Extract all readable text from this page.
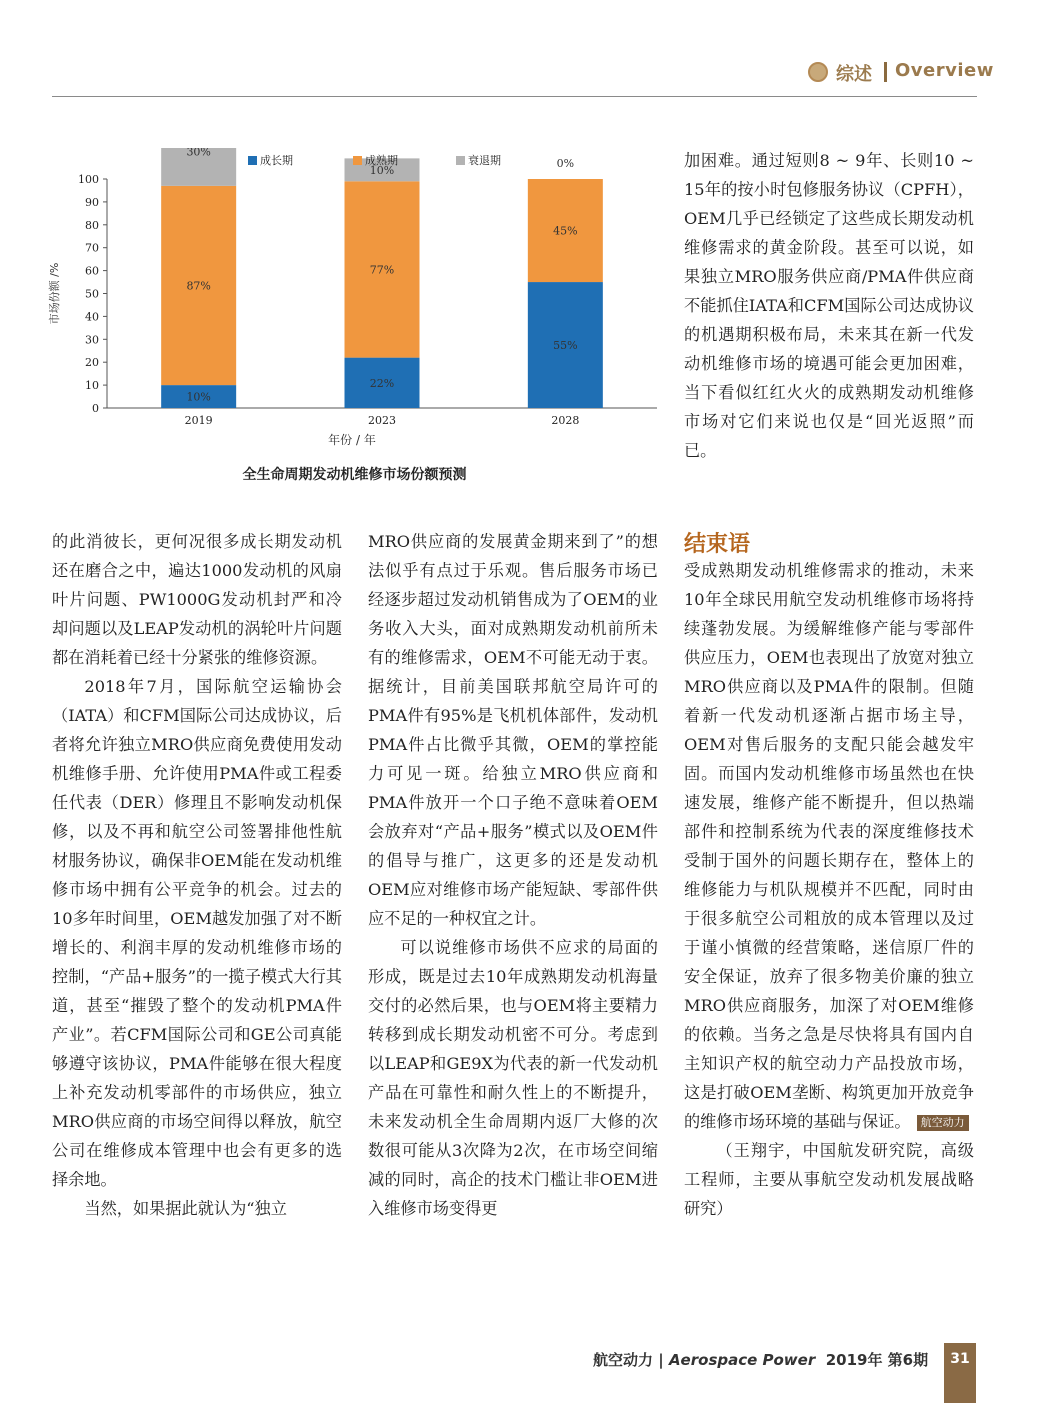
综述 Overview
0
10
20
30
40
50
60
70
80
90
100
10%
87%
30%
2019
22%
77%
10%
2023
55%
45%
0%
2028
年份 / 年
市场份额 /%
成长期	成熟期	衰退期
全生命周期发动机维修市场份额预测

加困难。通过短则8 ~ 9年、长则10 ~ 15年的按小时包修服务协议（CPFH），OEM几乎已经锁定了这些成长期发动机维修需求的黄金阶段。甚至可以说，如果独立MRO服务供应商/PMA件供应商不能抓住IATA和CFM国际公司达成协议的机遇期积极布局，未来其在新一代发动机维修市场的境遇可能会更加困难，当下看似红红火火的成熟期发动机维修市场对它们来说也仅是“回光返照”而已。

的此消彼长，更何况很多成长期发动机还在磨合之中，遍达1000发动机的风扇叶片问题、PW1000G发动机封严和冷却问题以及LEAP发动机的涡轮叶片问题都在消耗着已经十分紧张的维修资源。

2018年7月，国际航空运输协会（IATA）和CFM国际公司达成协议，后者将允许独立MRO供应商免费使用发动机维修手册、允许使用PMA件或工程委任代表（DER）修理且不影响发动机保修，以及不再和航空公司签署排他性航材服务协议，确保非OEM能在发动机维修市场中拥有公平竞争的机会。过去的10多年时间里，OEM越发加强了对不断增长的、利润丰厚的发动机维修市场的控制，“产品+服务”的一揽子模式大行其道，甚至“摧毁了整个的发动机PMA件产业”。若CFM国际公司和GE公司真能够遵守该协议，PMA件能够在很大程度上补充发动机零部件的市场供应，独立MRO供应商的市场空间得以释放，航空公司在维修成本管理中也会有更多的选择余地。

当然，如果据此就认为“独立

MRO供应商的发展黄金期来到了”的想法似乎有点过于乐观。售后服务市场已经逐步超过发动机销售成为了OEM的业务收入大头，面对成熟期发动机前所未有的维修需求，OEM不可能无动于衷。据统计，目前美国联邦航空局许可的PMA件有95%是飞机机体部件，发动机PMA件占比微乎其微，OEM的掌控能力可见一斑。给独立MRO供应商和PMA件放开一个口子绝不意味着OEM会放弃对“产品+服务”模式以及OEM件的倡导与推广，这更多的还是发动机OEM应对维修市场产能短缺、零部件供应不足的一种权宜之计。

可以说维修市场供不应求的局面的形成，既是过去10年成熟期发动机海量交付的必然后果，也与OEM将主要精力转移到成长期发动机密不可分。考虑到以LEAP和GE9X为代表的新一代发动机产品在可靠性和耐久性上的不断提升，未来发动机全生命周期内返厂大修的次数很可能从3次降为2次，在市场空间缩减的同时，高企的技术门槛让非OEM进入维修市场变得更

结束语

受成熟期发动机维修需求的推动，未来10年全球民用航空发动机维修市场将持续蓬勃发展。为缓解维修产能与零部件供应压力，OEM也表现出了放宽对独立MRO供应商以及PMA件的限制。但随着新一代发动机逐渐占据市场主导，OEM对售后服务的支配只能会越发牢固。而国内发动机维修市场虽然也在快速发展，维修产能不断提升，但以热端部件和控制系统为代表的深度维修技术受制于国外的问题长期存在，整体上的维修能力与机队规模并不匹配，同时由于很多航空公司粗放的成本管理以及过于谨小慎微的经营策略，迷信原厂件的安全保证，放弃了很多物美价廉的独立MRO供应商服务，加深了对OEM维修的依赖。当务之急是尽快将具有国内自主知识产权的航空动力产品投放市场，这是打破OEM垄断、构筑更加开放竞争的维修市场环境的基础与保证。 航空动力

（王翔宇，中国航发研究院，高级工程师，主要从事航空发动机发展战略研究）

航空动力 | Aerospace Power 2019年 第6期	31
